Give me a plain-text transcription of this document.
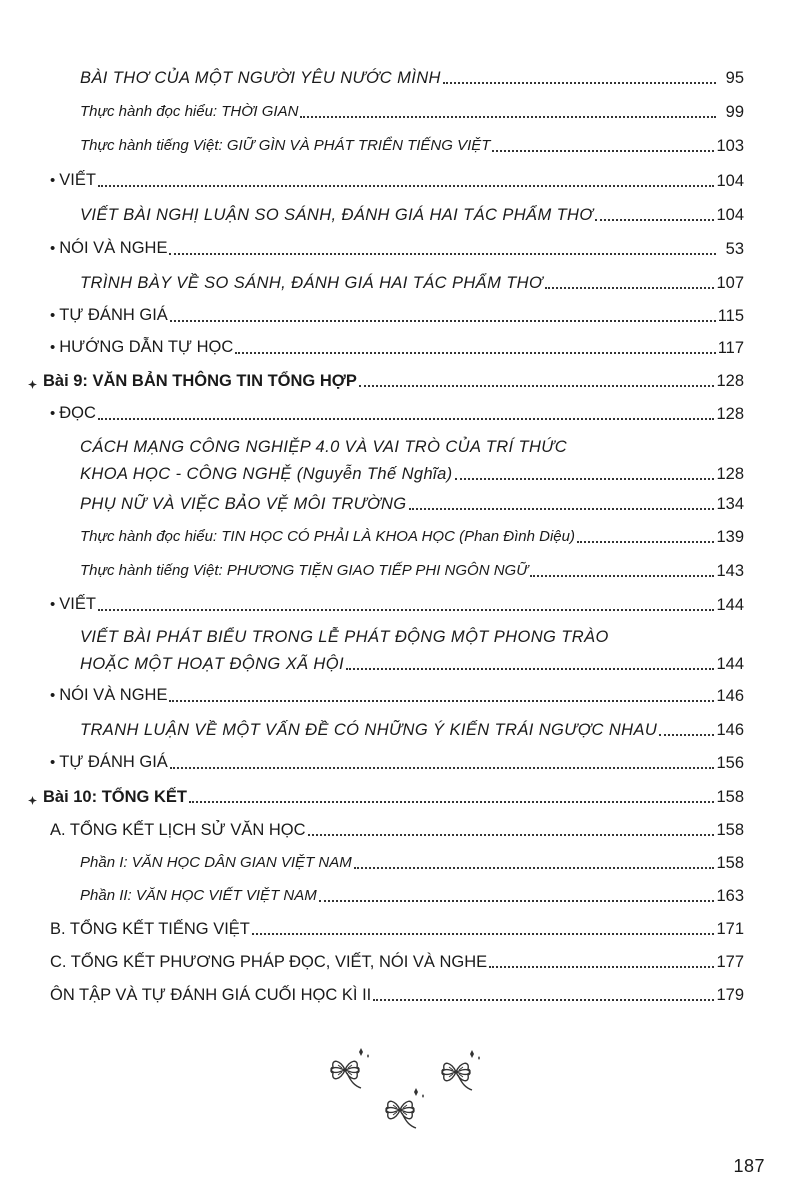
BÀI THƠ CỦA MỘT NGƯỜI YÊU NƯỚC MÌNH	95
Thực hành đọc hiểu: THỜI GIAN	99
Thực hành tiếng Việt: GIỮ GÌN VÀ PHÁT TRIỂN TIẾNG VIỆT	103
• VIẾT	104
VIẾT BÀI NGHỊ LUẬN SO SÁNH, ĐÁNH GIÁ HAI TÁC PHẨM THƠ	104
• NÓI VÀ NGHE	53
TRÌNH BÀY VỀ SO SÁNH, ĐÁNH GIÁ HAI TÁC PHẨM THƠ	107
• TỰ ĐÁNH GIÁ	115
• HƯỚNG DẪN TỰ HỌC	117
Bài 9: VĂN BẢN THÔNG TIN TỔNG HỢP	128
• ĐỌC	128
CÁCH MẠNG CÔNG NGHIỆP 4.0 VÀ VAI TRÒ CỦA TRÍ THỨC
KHOA HỌC - CÔNG NGHỆ (Nguyễn Thế Nghĩa)	128
PHỤ NỮ VÀ VIỆC BẢO VỆ MÔI TRƯỜNG	134
Thực hành đọc hiểu: TIN HỌC CÓ PHẢI LÀ KHOA HỌC (Phan Đình Diệu)	139
Thực hành tiếng Việt: PHƯƠNG TIỆN GIAO TIẾP PHI NGÔN NGỮ	143
• VIẾT	144
VIẾT BÀI PHÁT BIỂU TRONG LỄ PHÁT ĐỘNG MỘT PHONG TRÀO
HOẶC MỘT HOẠT ĐỘNG XÃ HỘI	144
• NÓI VÀ NGHE	146
TRANH LUẬN VỀ MỘT VẤN ĐỀ CÓ NHỮNG Ý KIẾN TRÁI NGƯỢC NHAU	146
• TỰ ĐÁNH GIÁ	156
Bài 10: TỔNG KẾT	158
A. TỔNG KẾT LỊCH SỬ VĂN HỌC	158
Phần I: VĂN HỌC DÂN GIAN VIỆT NAM	158
Phần II: VĂN HỌC VIẾT VIỆT NAM	163
B. TỔNG KẾT TIẾNG VIỆT	171
C. TỔNG KẾT PHƯƠNG PHÁP ĐỌC, VIẾT, NÓI VÀ NGHE	177
ÔN TẬP VÀ TỰ ĐÁNH GIÁ CUỐI HỌC KÌ II	179
187
